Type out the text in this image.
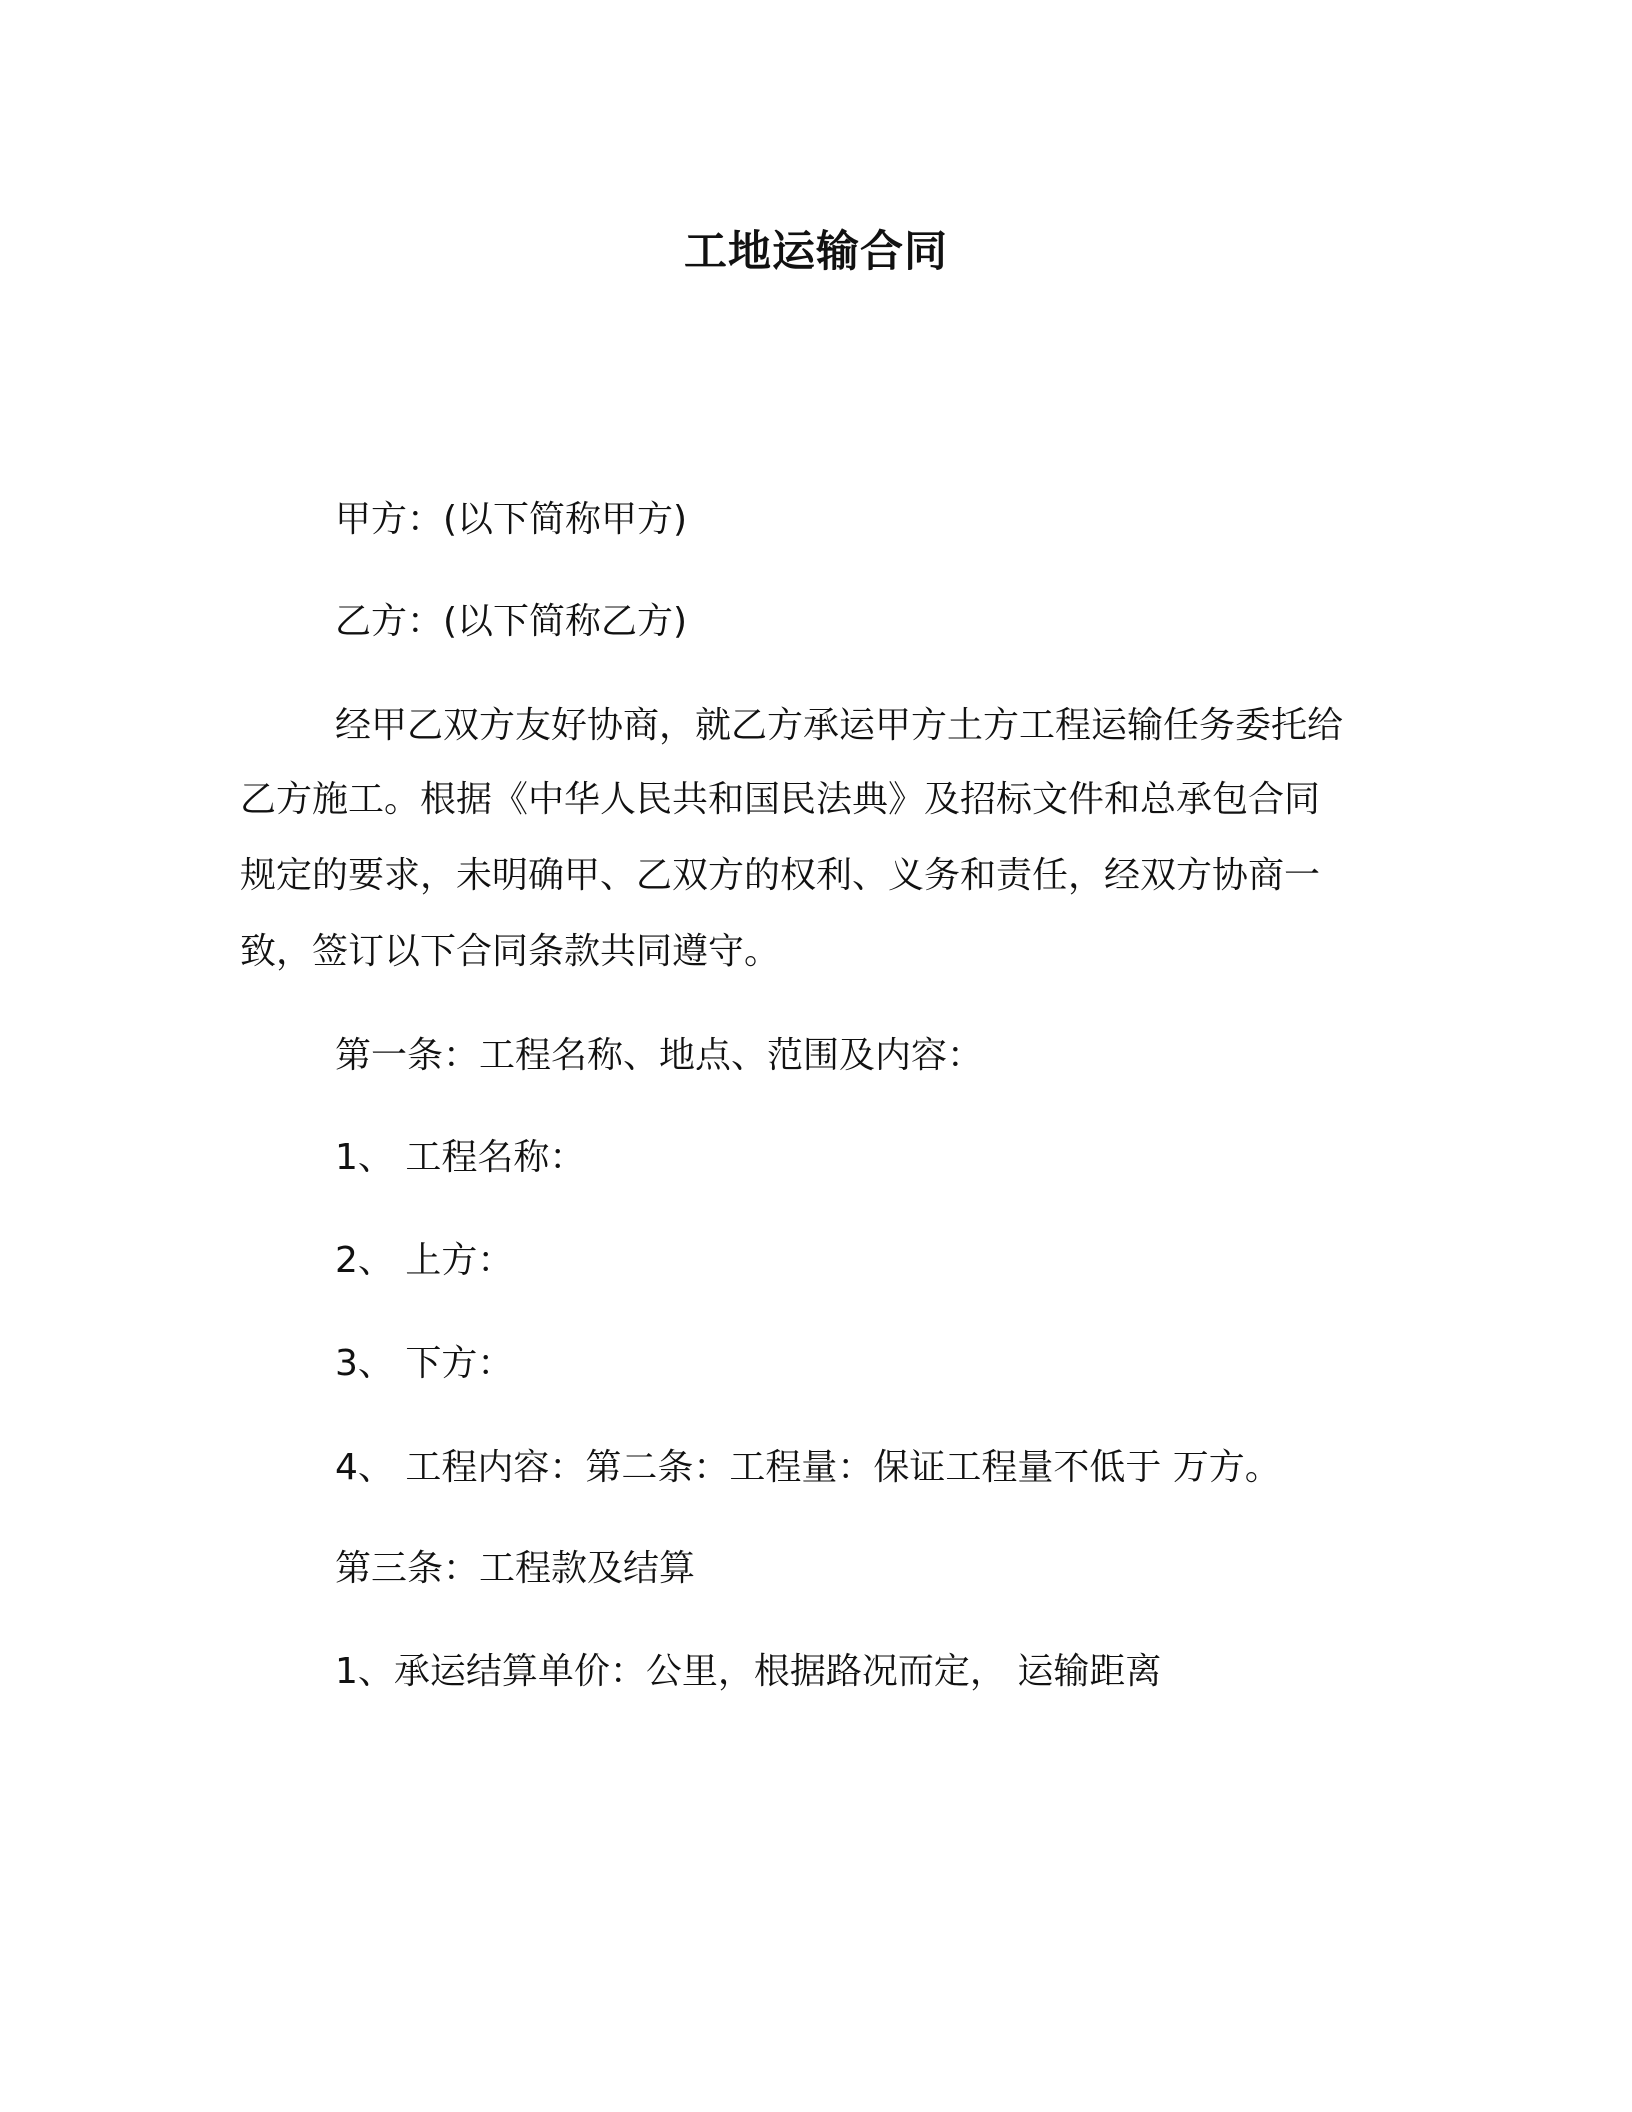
工地运输合同
甲方：(以下简称甲方)
乙方：(以下简称乙方)
经甲乙双方友好协商，就乙方承运甲方土方工程运输任务委托给
乙方施工。根据《中华人民共和国民法典》及招标文件和总承包合同
规定的要求，未明确甲、乙双方的权利、义务和责任，经双方协商一
致，签订以下合同条款共同遵守。
第一条：工程名称、地点、范围及内容：
1、 工程名称：
2、 上方：
3、 下方：
4、 工程内容：第二条：工程量：保证工程量不低于 万方。
第三条：工程款及结算
1、承运结算单价：公里，根据路况而定， 运输距离
